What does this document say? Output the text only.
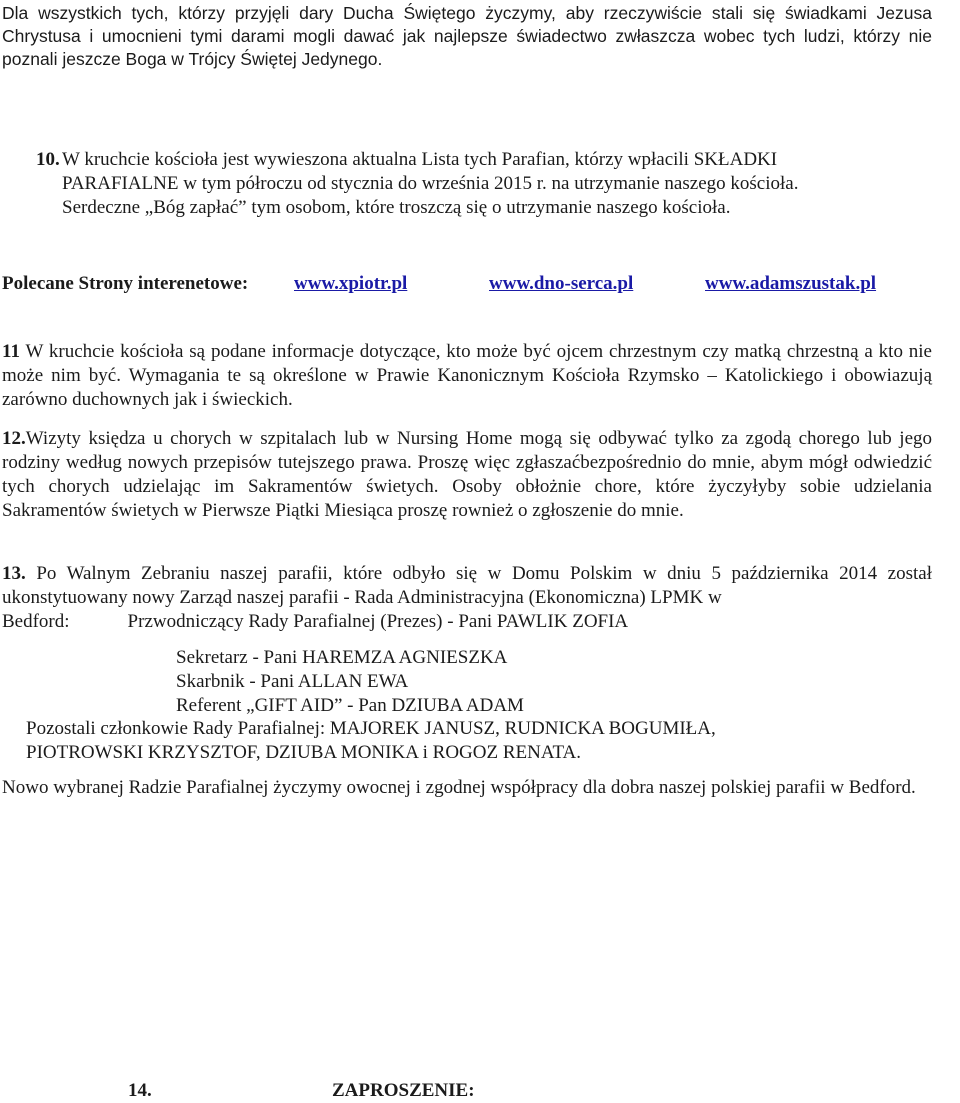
Dla wszystkich tych, którzy przyjęli dary Ducha Świętego życzymy, aby rzeczywiście stali się świadkami Jezusa Chrystusa i umocnieni tymi darami mogli dawać jak najlepsze świadectwo zwłaszcza wobec tych ludzi, którzy nie poznali jeszcze Boga w Trójcy Świętej Jedynego.

10. W kruchcie kościoła jest wywieszona aktualna Lista tych Parafian, którzy wpłacili SKŁADKI
PARAFIALNE w tym półroczu od stycznia do września 2015 r. na utrzymanie naszego kościoła.
Serdeczne „Bóg zapłać” tym osobom, które troszczą się o utrzymanie naszego kościoła.
Polecane Strony interenetowe: www.xpiotr.pl	www.dno-serca.pl	www.adamszustak.pl

11 W kruchcie kościoła są podane informacje dotyczące, kto może być ojcem chrzestnym czy matką chrzestną a kto nie może nim być. Wymagania te są określone w Prawie Kanonicznym Kościoła Rzymsko – Katolickiego i obowiazują zarówno duchownych jak i świeckich.

12.Wizyty księdza u chorych w szpitalach lub w Nursing Home mogą się odbywać tylko za zgodą chorego lub jego rodziny według nowych przepisów tutejszego prawa. Proszę więc zgłaszaćbezpośrednio do mnie, abym mógł odwiedzić tych chorych udzielając im Sakramentów świetych. Osoby obłożnie chore, które życzyłyby sobie udzielania Sakramentów świetych w Pierwsze Piątki Miesiąca proszę rownież o zgłoszenie do mnie.

13. Po Walnym Zebraniu naszej parafii, które odbyło się w Domu Polskim w dniu 5 października 2014 został ukonstytuowany nowy Zarząd naszej parafii - Rada Administracyjna (Ekonomiczna) LPMK w
Bedford:	Przwodniczący Rady Parafialnej (Prezes) - Pani PAWLIK ZOFIA
Sekretarz - Pani HAREMZA AGNIESZKA
Skarbnik - Pani ALLAN EWA
Referent „GIFT AID” - Pan DZIUBA ADAM
Pozostali członkowie Rady Parafialnej: MAJOREK JANUSZ, RUDNICKA BOGUMIŁA,
PIOTROWSKI KRZYSZTOF, DZIUBA MONIKA i ROGOZ RENATA.

Nowo wybranej Radzie Parafialnej życzymy owocnej i zgodnej współpracy dla dobra naszej polskiej parafii w Bedford.

14.	ZAPROSZENIE:
